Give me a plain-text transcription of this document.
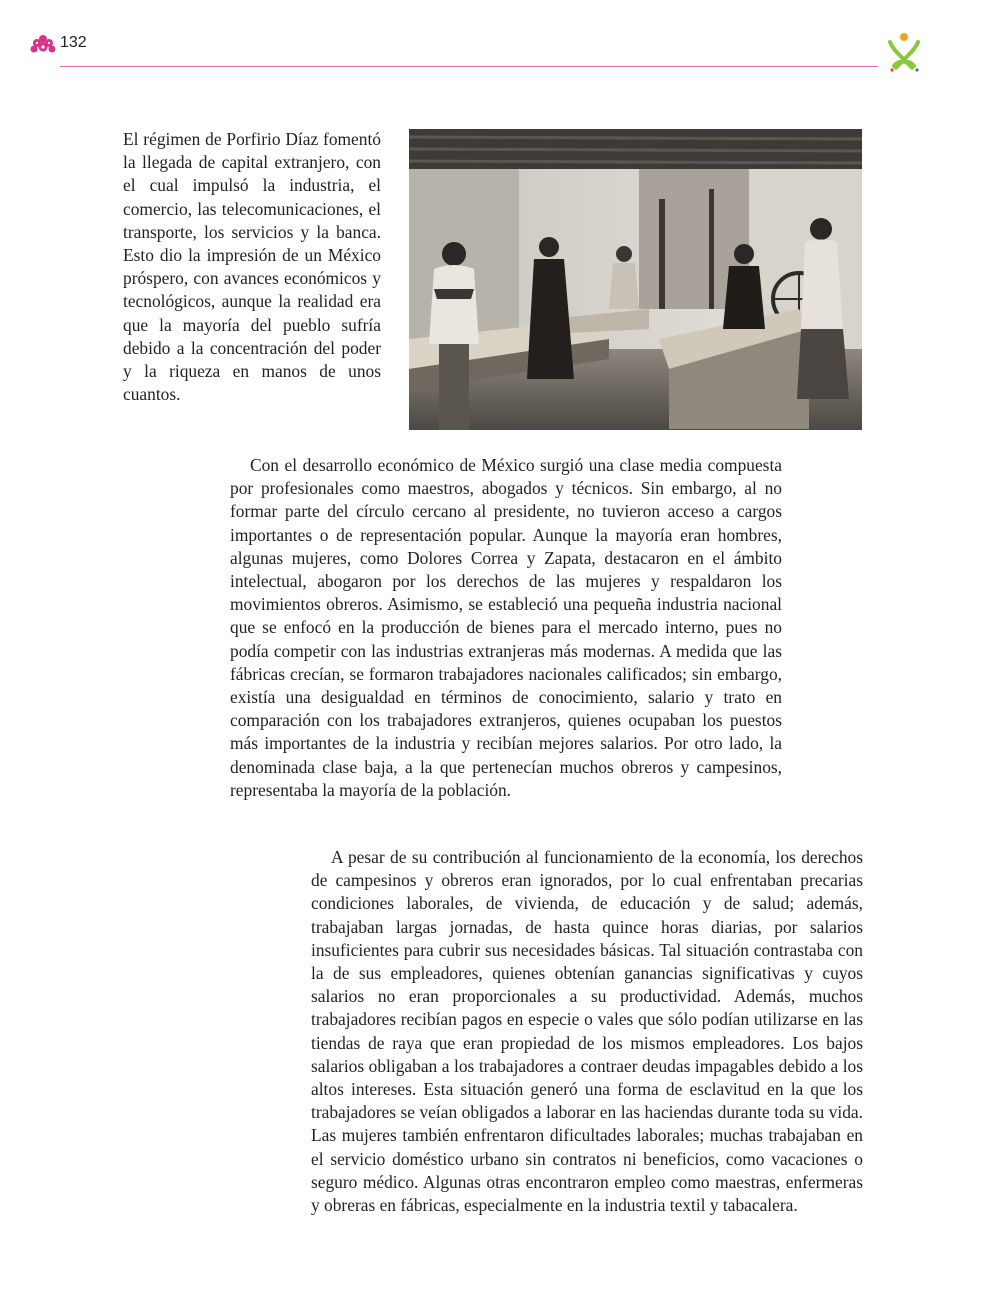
132

El régimen de Porfirio Díaz fomentó la llegada de capital extranjero, con el cual impulsó la industria, el comercio, las telecomunicaciones, el transporte, los servicios y la banca. Esto dio la impresión de un México próspero, con avances económicos y tecnológicos, aunque la realidad era que la mayoría del pueblo sufría debido a la concentración del poder y la riqueza en manos de unos cuantos.

Con el desarrollo económico de México surgió una clase media compuesta por profesionales como maestros, abogados y técnicos. Sin embargo, al no formar parte del círculo cercano al presidente, no tuvieron acceso a cargos importantes o de representación popular. Aunque la mayoría eran hombres, algunas mujeres, como Dolores Correa y Zapata, destacaron en el ámbito intelectual, abogaron por los derechos de las mujeres y respaldaron los movimientos obreros. Asimismo, se estableció una pequeña industria nacional que se enfocó en la producción de bienes para el mercado interno, pues no podía competir con las industrias extranjeras más modernas. A medida que las fábricas crecían, se formaron trabajadores nacionales calificados; sin embargo, existía una desigualdad en términos de conocimiento, salario y trato en comparación con los trabajadores extranjeros, quienes ocupaban los puestos más importantes de la industria y recibían mejores salarios. Por otro lado, la denominada clase baja, a la que pertenecían muchos obreros y campesinos, representaba la mayoría de la población.

A pesar de su contribución al funcionamiento de la economía, los derechos de campesinos y obreros eran ignorados, por lo cual enfrentaban precarias condiciones laborales, de vivienda, de educación y de salud; además, trabajaban largas jornadas, de hasta quince horas diarias, por salarios insuficientes para cubrir sus necesidades básicas. Tal situación contrastaba con la de sus empleadores, quienes obtenían ganancias significativas y cuyos salarios no eran proporcionales a su productividad. Además, muchos trabajadores recibían pagos en especie o vales que sólo podían utilizarse en las tiendas de raya que eran propiedad de los mismos empleadores. Los bajos salarios obligaban a los trabajadores a contraer deudas impagables debido a los altos intereses. Esta situación generó una forma de esclavitud en la que los trabajadores se veían obligados a laborar en las haciendas durante toda su vida. Las mujeres también enfrentaron dificultades laborales; muchas trabajaban en el servicio doméstico urbano sin contratos ni beneficios, como vacaciones o seguro médico. Algunas otras encontraron empleo como maestras, enfermeras y obreras en fábricas, especialmente en la industria textil y tabacalera.
